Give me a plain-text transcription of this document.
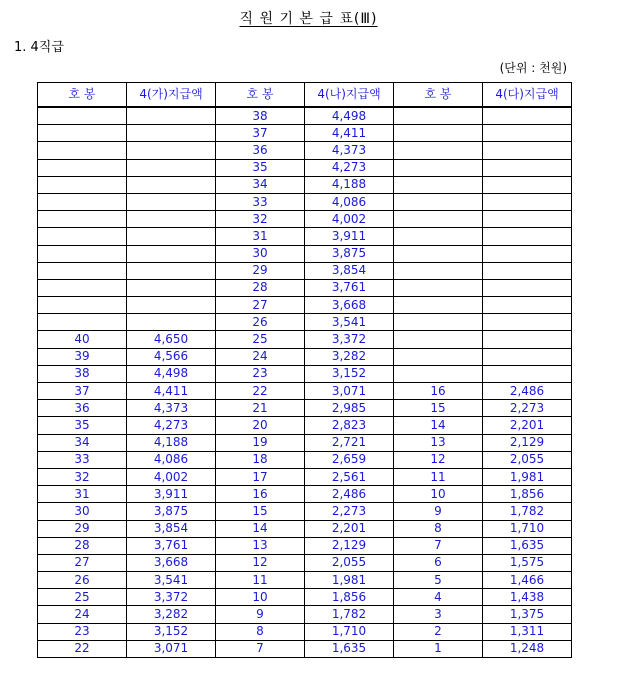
직 원 기 본 급 표(Ⅲ)
1. 4직급
(단위 : 천원)
호 봉	4(가)지급액	호 봉	4(나)지급액	호 봉	4(다)지급액
		38	4,498		
		37	4,411		
		36	4,373		
		35	4,273		
		34	4,188		
		33	4,086		
		32	4,002		
		31	3,911		
		30	3,875		
		29	3,854		
		28	3,761		
		27	3,668		
		26	3,541		
40	4,650	25	3,372		
39	4,566	24	3,282		
38	4,498	23	3,152		
37	4,411	22	3,071	16	2,486
36	4,373	21	2,985	15	2,273
35	4,273	20	2,823	14	2,201
34	4,188	19	2,721	13	2,129
33	4,086	18	2,659	12	2,055
32	4,002	17	2,561	11	1,981
31	3,911	16	2,486	10	1,856
30	3,875	15	2,273	9	1,782
29	3,854	14	2,201	8	1,710
28	3,761	13	2,129	7	1,635
27	3,668	12	2,055	6	1,575
26	3,541	11	1,981	5	1,466
25	3,372	10	1,856	4	1,438
24	3,282	9	1,782	3	1,375
23	3,152	8	1,710	2	1,311
22	3,071	7	1,635	1	1,248
